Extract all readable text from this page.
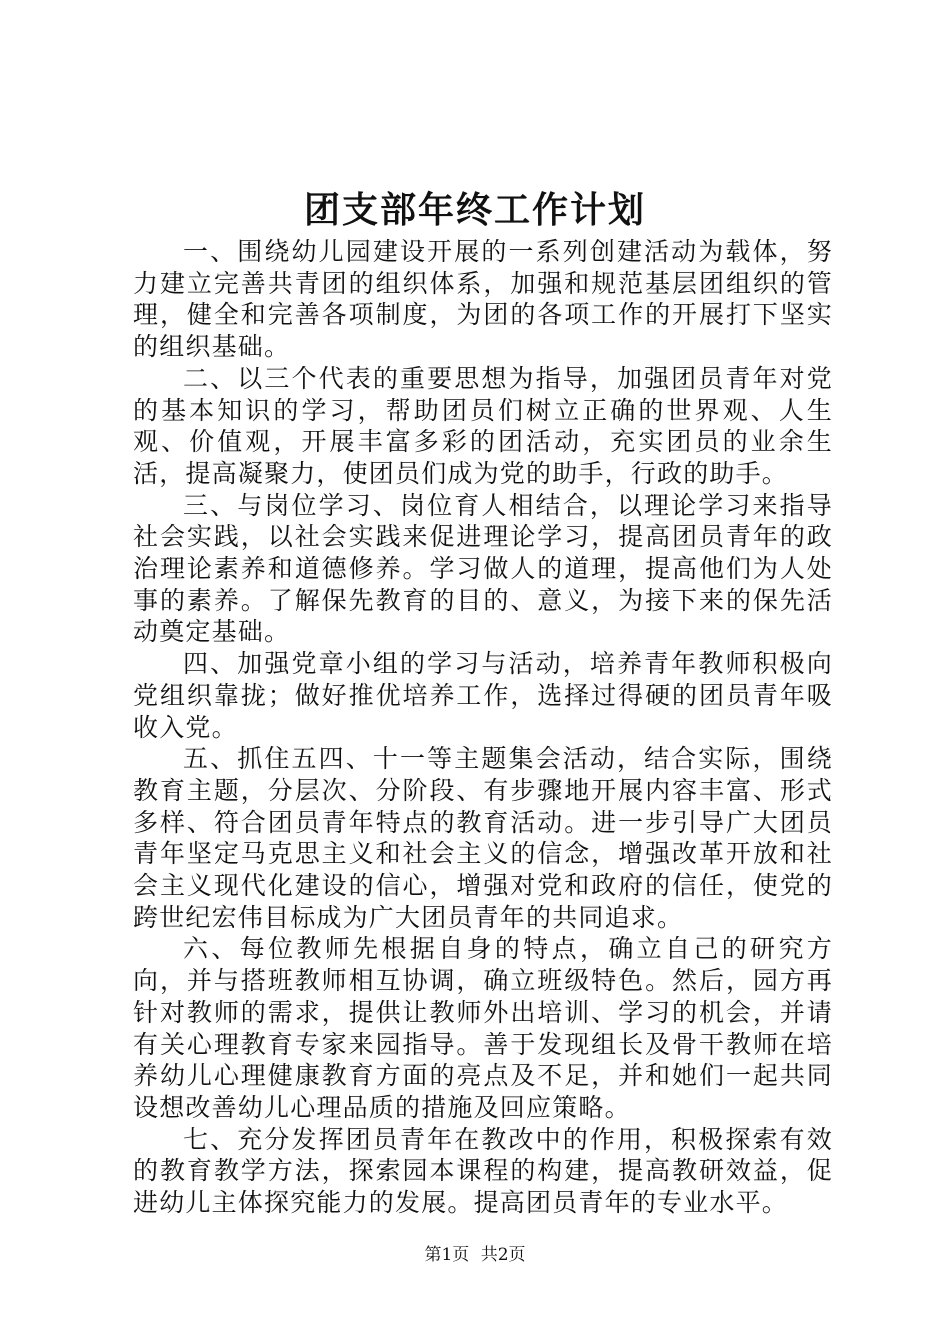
团支部年终工作计划

一、围绕幼儿园建设开展的一系列创建活动为载体，努力建立完善共青团的组织体系，加强和规范基层团组织的管理，健全和完善各项制度，为团的各项工作的开展打下坚实的组织基础。

二、以三个代表的重要思想为指导，加强团员青年对党的基本知识的学习，帮助团员们树立正确的世界观、人生观、价值观，开展丰富多彩的团活动，充实团员的业余生活，提高凝聚力，使团员们成为党的助手，行政的助手。

三、与岗位学习、岗位育人相结合，以理论学习来指导社会实践，以社会实践来促进理论学习，提高团员青年的政治理论素养和道德修养。学习做人的道理，提高他们为人处事的素养。了解保先教育的目的、意义，为接下来的保先活动奠定基础。

四、加强党章小组的学习与活动，培养青年教师积极向党组织靠拢；做好推优培养工作，选择过得硬的团员青年吸收入党。

五、抓住五四、十一等主题集会活动，结合实际，围绕教育主题，分层次、分阶段、有步骤地开展内容丰富、形式多样、符合团员青年特点的教育活动。进一步引导广大团员青年坚定马克思主义和社会主义的信念，增强改革开放和社会主义现代化建设的信心，增强对党和政府的信任，使党的跨世纪宏伟目标成为广大团员青年的共同追求。

六、每位教师先根据自身的特点，确立自己的研究方向，并与搭班教师相互协调，确立班级特色。然后，园方再针对教师的需求，提供让教师外出培训、学习的机会，并请有关心理教育专家来园指导。善于发现组长及骨干教师在培养幼儿心理健康教育方面的亮点及不足，并和她们一起共同设想改善幼儿心理品质的措施及回应策略。

七、充分发挥团员青年在教改中的作用，积极探索有效的教育教学方法，探索园本课程的构建，提高教研效益，促进幼儿主体探究能力的发展。提高团员青年的专业水平。

第1页 共2页
